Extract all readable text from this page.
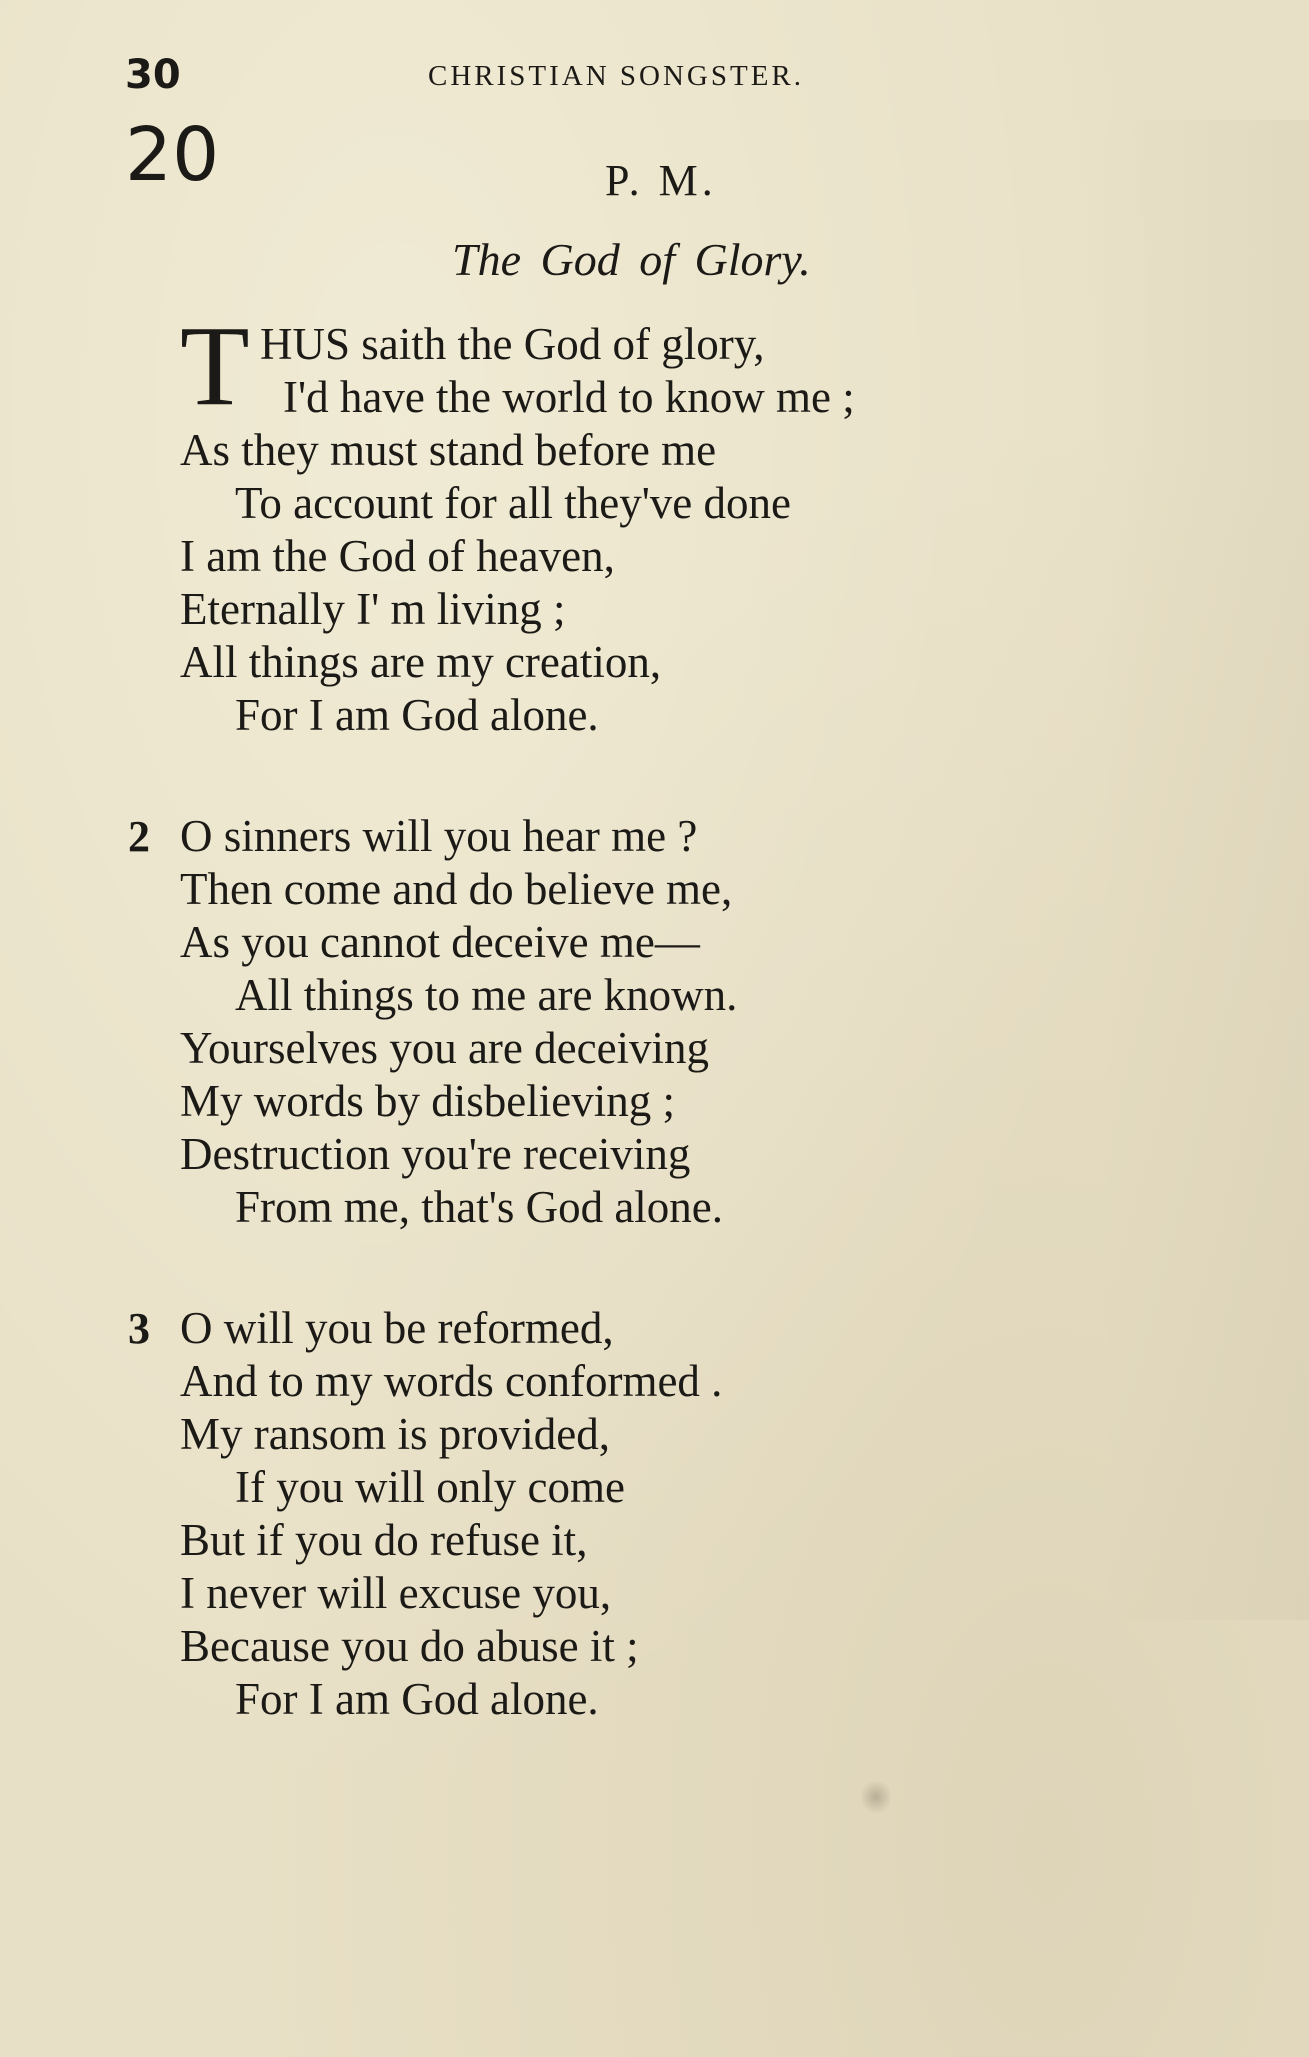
30	CHRISTIAN SONGSTER.
20	P. M.
The God of Glory.
T HUS saith the God of glory,
I'd have the world to know me ;
As they must stand before me
To account for all they've done
I am the God of heaven,
Eternally I' m living ;
All things are my creation,
For I am God alone.
2 O sinners will you hear me ?
Then come and do believe me,
As you cannot deceive me—
All things to me are known.
Yourselves you are deceiving
My words by disbelieving ;
Destruction you're receiving
From me, that's God alone.
3 O will you be reformed,
And to my words conformed .
My ransom is provided,
If you will only come
But if you do refuse it,
I never will excuse you,
Because you do abuse it ;
For I am God alone.
